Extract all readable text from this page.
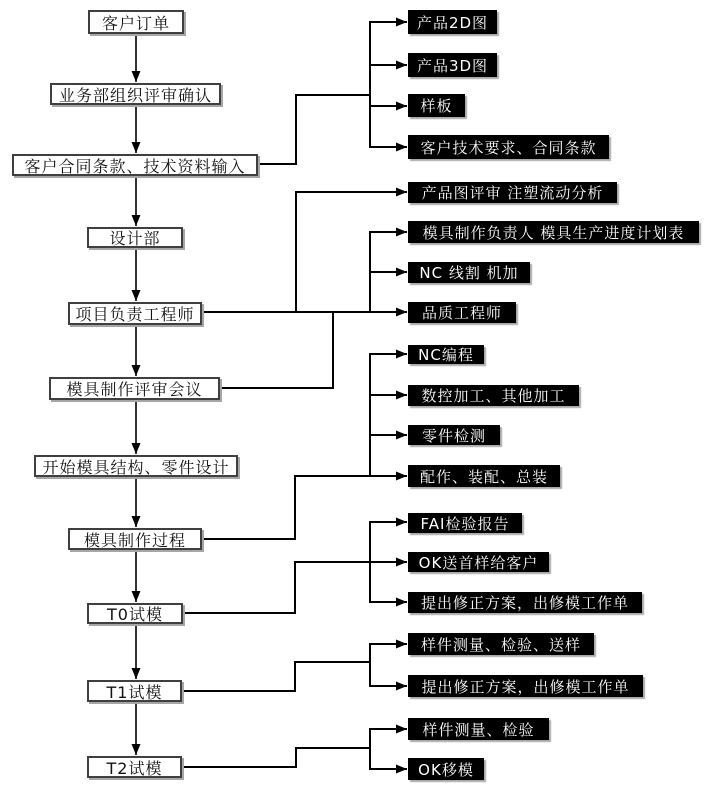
客户订单
业务部组织评审确认
客户合同条款、技术资料输入
设计部
项目负责工程师
模具制作评审会议
开始模具结构、零件设计
模具制作过程
T0试模
T1试模
T2试模
产品2D图
产品3D图
样板
客户技术要求、合同条款
产品图评审 注塑流动分析
模具制作负责人 模具生产进度计划表
NC 线割 机加
品质工程师
NC编程
数控加工、其他加工
零件检测
配作、装配、总装
FAI检验报告
OK送首样给客户
提出修正方案，出修模工作单
样件测量、检验、送样
提出修正方案，出修模工作单
样件测量、检验
OK移模
